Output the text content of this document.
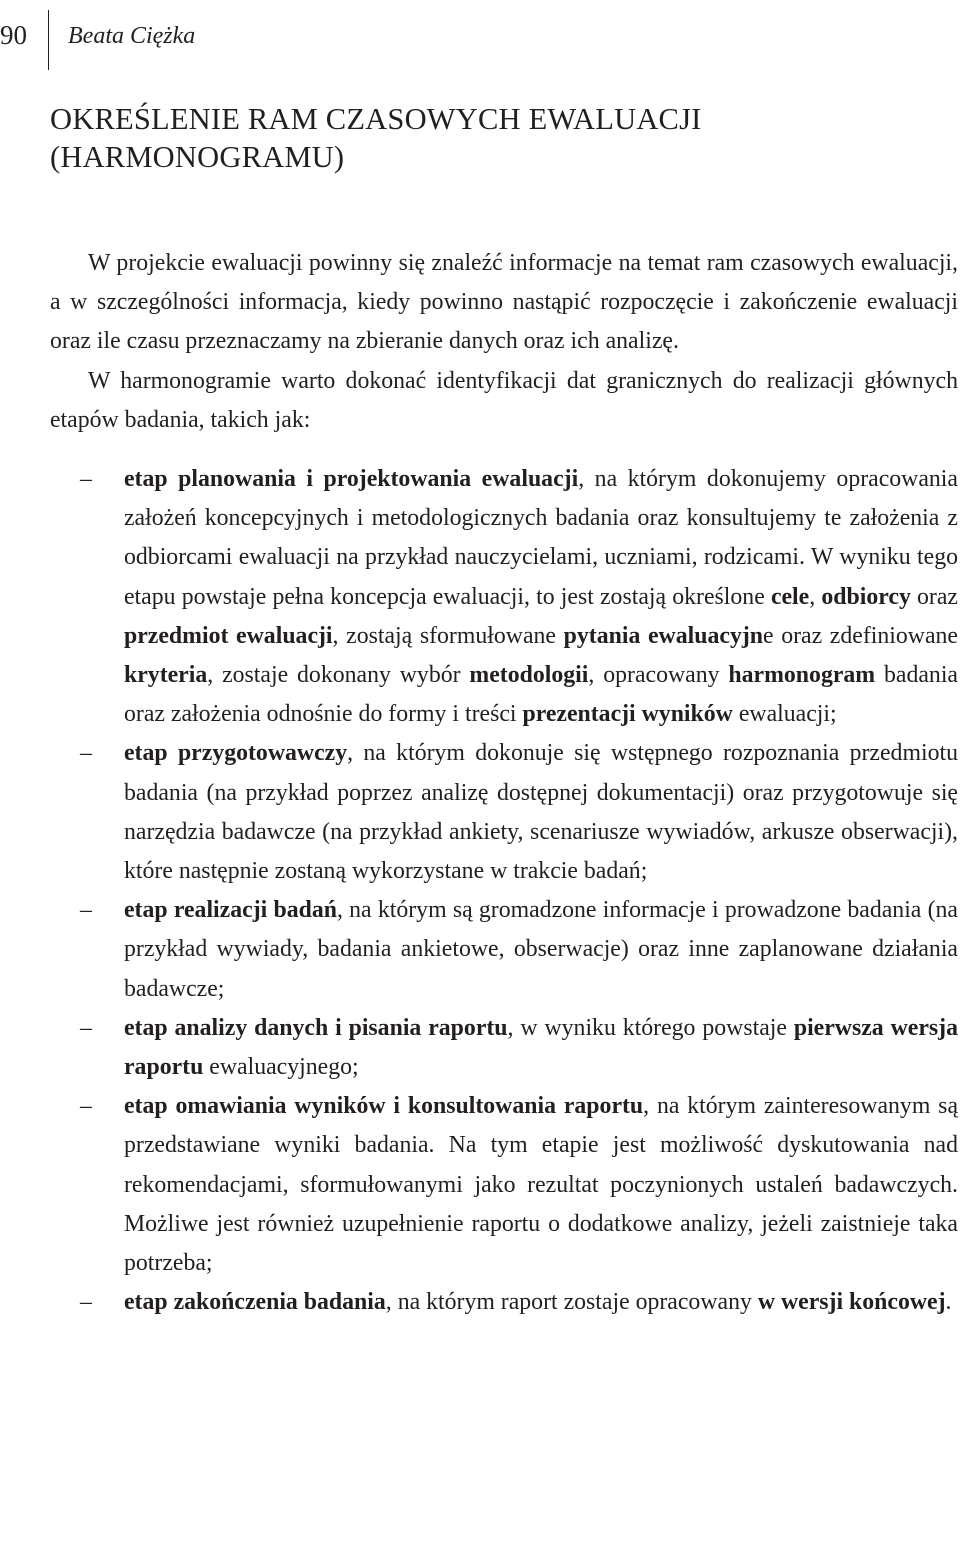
90 Beata Ciężka
OKREŚLENIE RAM CZASOWYCH EWALUACJI
(HARMONOGRAMU)

W projekcie ewaluacji powinny się znaleźć informacje na temat ram czasowych ewaluacji, a w szczególności informacja, kiedy powinno nastąpić rozpoczęcie i zakończenie ewaluacji oraz ile czasu przeznaczamy na zbieranie danych oraz ich analizę.

W harmonogramie warto dokonać identyfikacji dat granicznych do realizacji głównych etapów badania, takich jak:

– etap planowania i projektowania ewaluacji, na którym dokonujemy opracowania założeń koncepcyjnych i metodologicznych badania oraz konsultujemy te założenia z odbiorcami ewaluacji na przykład nauczycielami, uczniami, rodzicami. W wyniku tego etapu powstaje pełna koncepcja ewaluacji, to jest zostają określone cele, odbiorcy oraz przedmiot ewaluacji, zostają sformułowane pytania ewaluacyjne oraz zdefiniowane kryteria, zostaje dokonany wybór metodologii, opracowany harmonogram badania oraz założenia odnośnie do formy i treści prezentacji wyników ewaluacji;
– etap przygotowawczy, na którym dokonuje się wstępnego rozpoznania przedmiotu badania (na przykład poprzez analizę dostępnej dokumentacji) oraz przygotowuje się narzędzia badawcze (na przykład ankiety, scenariusze wywiadów, arkusze obserwacji), które następnie zostaną wykorzystane w trakcie badań;
– etap realizacji badań, na którym są gromadzone informacje i prowadzone badania (na przykład wywiady, badania ankietowe, obserwacje) oraz inne zaplanowane działania badawcze;
– etap analizy danych i pisania raportu, w wyniku którego powstaje pierwsza wersja raportu ewaluacyjnego;
– etap omawiania wyników i konsultowania raportu, na którym zainteresowanym są przedstawiane wyniki badania. Na tym etapie jest możliwość dyskutowania nad rekomendacjami, sformułowanymi jako rezultat poczynionych ustaleń badawczych. Możliwe jest również uzupełnienie raportu o dodatkowe analizy, jeżeli zaistnieje taka potrzeba;
– etap zakończenia badania, na którym raport zostaje opracowany w wersji końcowej.
